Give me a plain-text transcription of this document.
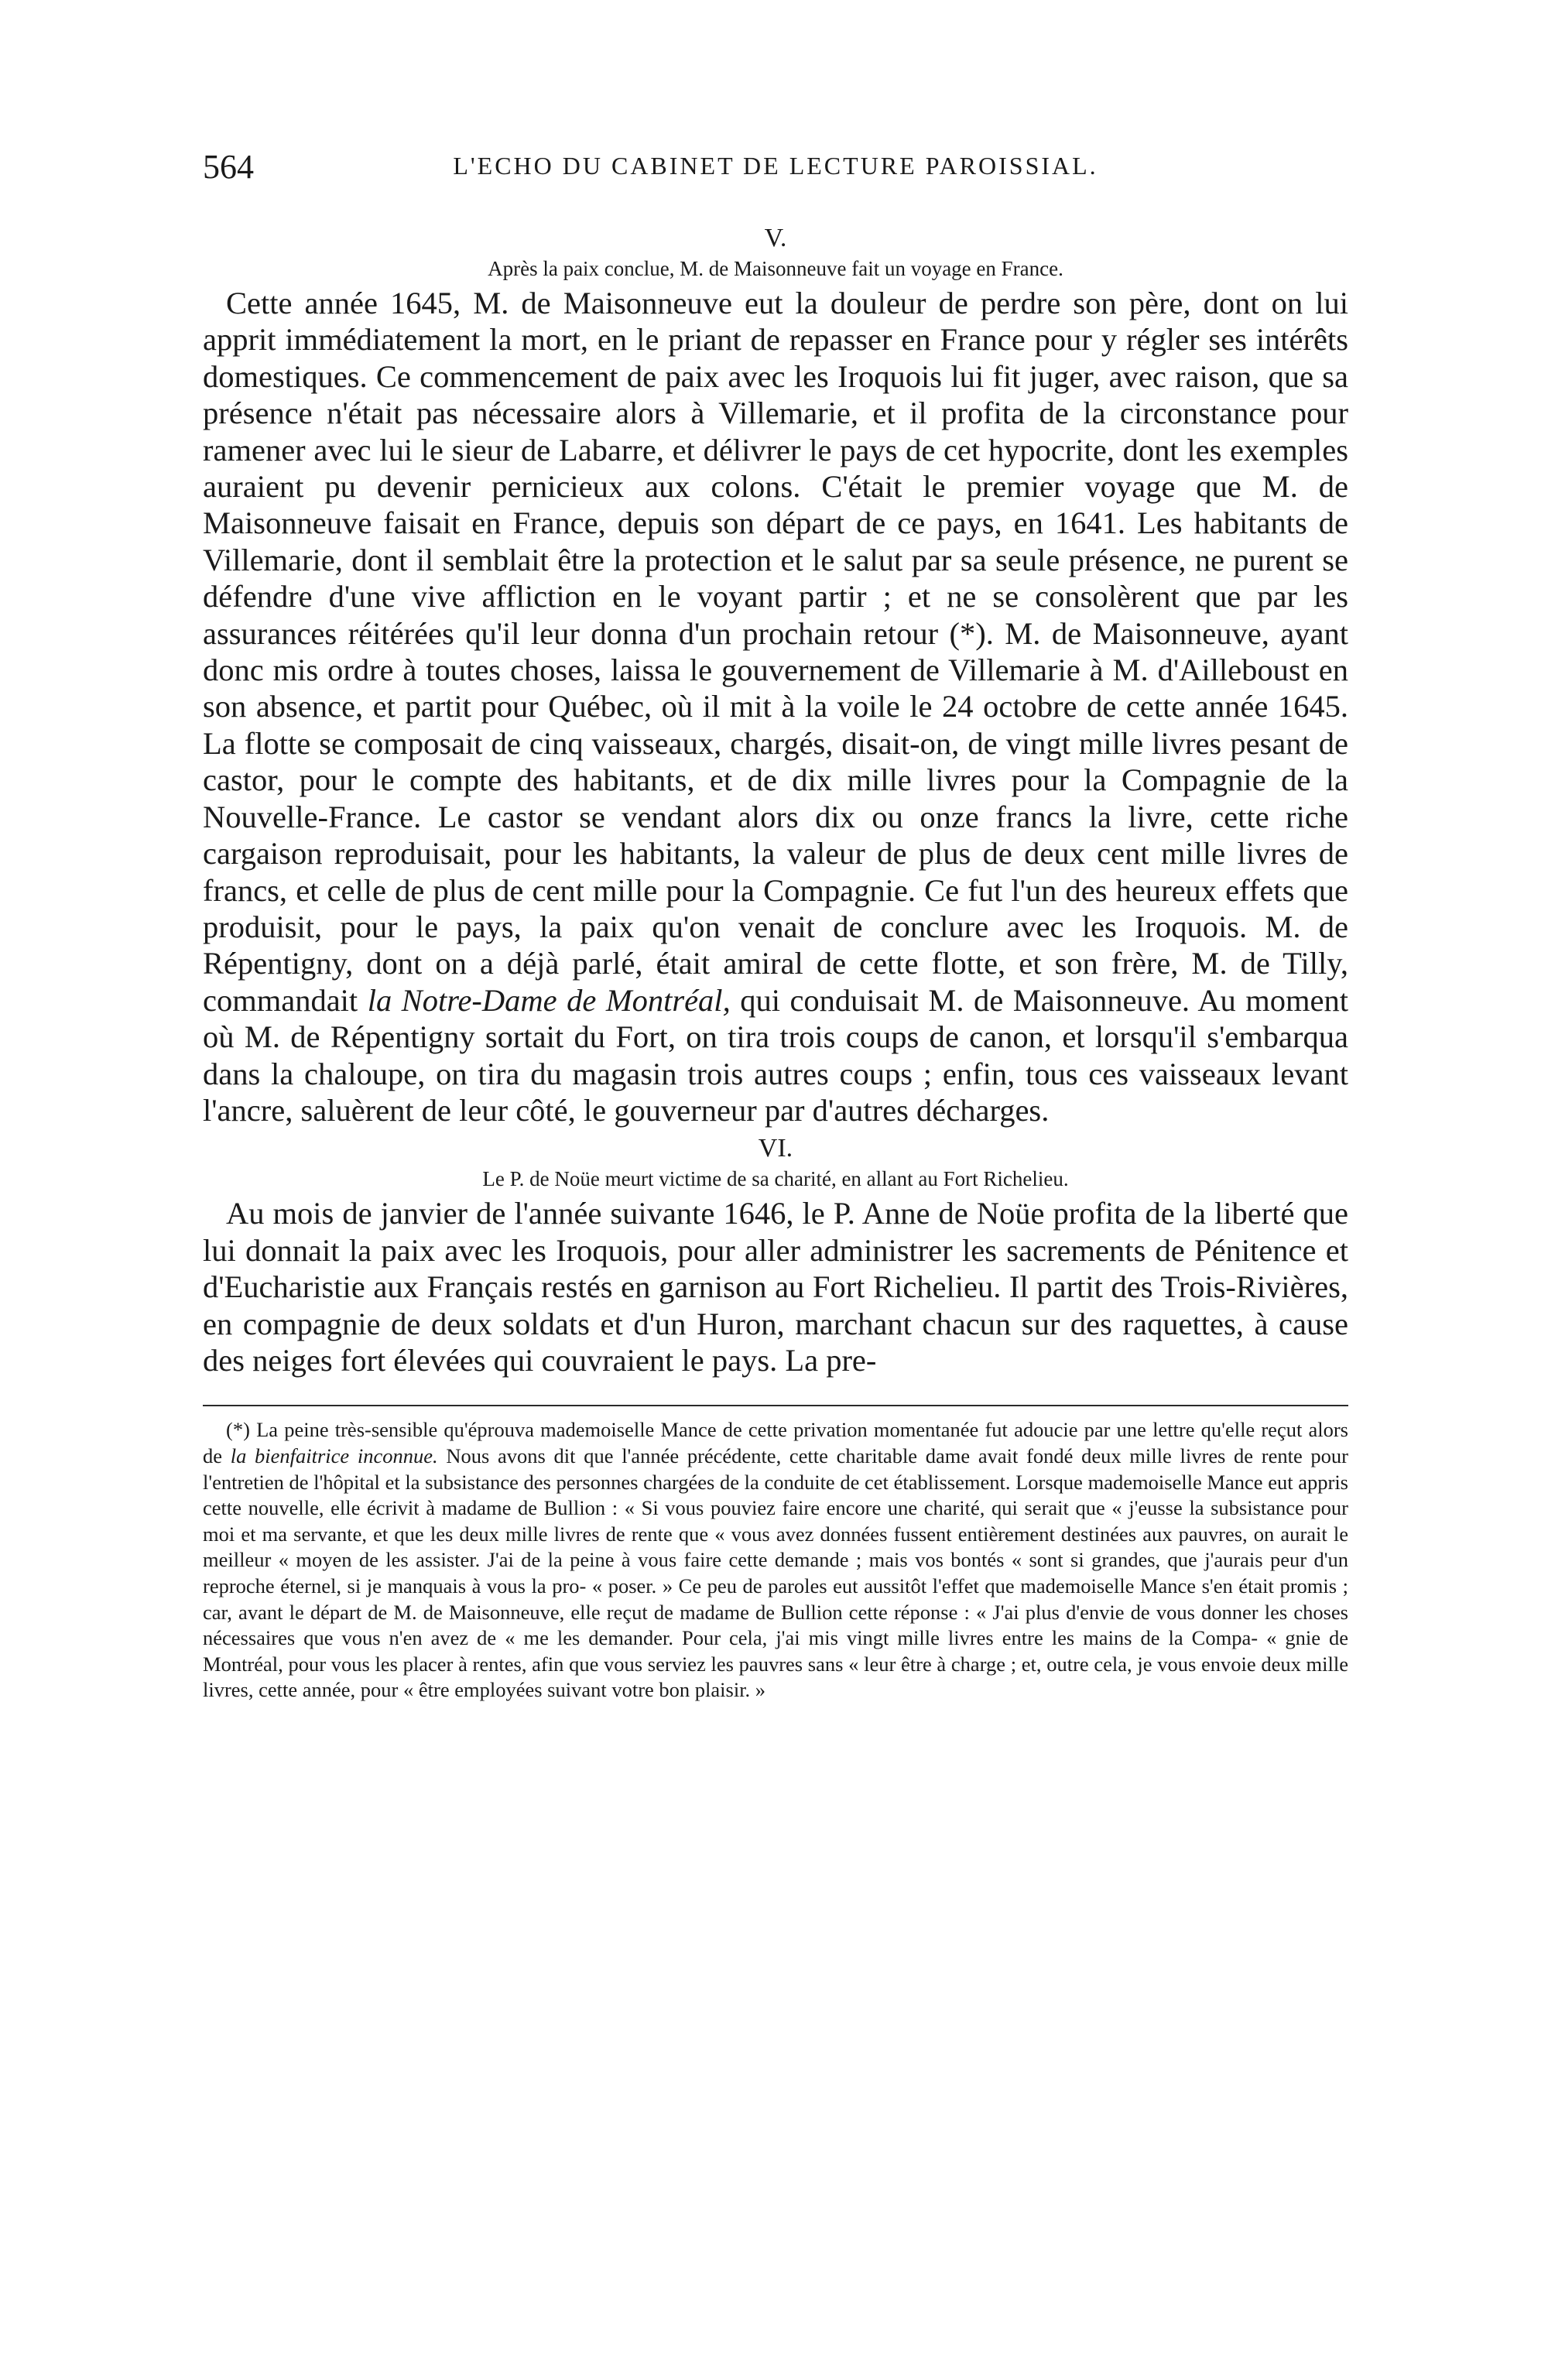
564	L'ECHO DU CABINET DE LECTURE PAROISSIAL.
V.
Après la paix conclue, M. de Maisonneuve fait un voyage en France.

Cette année 1645, M. de Maisonneuve eut la douleur de perdre son père, dont on lui apprit immédiatement la mort, en le priant de repasser en France pour y régler ses intérêts domestiques. Ce commencement de paix avec les Iroquois lui fit juger, avec raison, que sa présence n'était pas nécessaire alors à Villemarie, et il profita de la circonstance pour ramener avec lui le sieur de Labarre, et délivrer le pays de cet hypocrite, dont les exemples auraient pu devenir pernicieux aux colons. C'était le premier voyage que M. de Maisonneuve faisait en France, depuis son départ de ce pays, en 1641. Les habitants de Villemarie, dont il semblait être la protection et le salut par sa seule présence, ne purent se défendre d'une vive affliction en le voyant partir ; et ne se consolèrent que par les assurances réitérées qu'il leur donna d'un prochain retour (*). M. de Maisonneuve, ayant donc mis ordre à toutes choses, laissa le gouvernement de Villemarie à M. d'Ailleboust en son absence, et partit pour Québec, où il mit à la voile le 24 octobre de cette année 1645. La flotte se composait de cinq vaisseaux, chargés, disait-on, de vingt mille livres pesant de castor, pour le compte des habitants, et de dix mille livres pour la Compagnie de la Nouvelle-France. Le castor se vendant alors dix ou onze francs la livre, cette riche cargaison reproduisait, pour les habitants, la valeur de plus de deux cent mille livres de francs, et celle de plus de cent mille pour la Compagnie. Ce fut l'un des heureux effets que produisit, pour le pays, la paix qu'on venait de conclure avec les Iroquois. M. de Répentigny, dont on a déjà parlé, était amiral de cette flotte, et son frère, M. de Tilly, commandait la Notre-Dame de Montréal, qui conduisait M. de Maisonneuve. Au moment où M. de Répentigny sortait du Fort, on tira trois coups de canon, et lorsqu'il s'embarqua dans la chaloupe, on tira du magasin trois autres coups ; enfin, tous ces vaisseaux levant l'ancre, saluèrent de leur côté, le gouverneur par d'autres décharges.

VI.
Le P. de Noüe meurt victime de sa charité, en allant au Fort Richelieu.

Au mois de janvier de l'année suivante 1646, le P. Anne de Noüe profita de la liberté que lui donnait la paix avec les Iroquois, pour aller administrer les sacrements de Pénitence et d'Eucharistie aux Français restés en garnison au Fort Richelieu. Il partit des Trois-Rivières, en compagnie de deux soldats et d'un Huron, marchant chacun sur des raquettes, à cause des neiges fort élevées qui couvraient le pays. La pre-

(*) La peine très-sensible qu'éprouva mademoiselle Mance de cette privation momentanée fut adoucie par une lettre qu'elle reçut alors de la bienfaitrice inconnue. Nous avons dit que l'année précédente, cette charitable dame avait fondé deux mille livres de rente pour l'entretien de l'hôpital et la subsistance des personnes chargées de la conduite de cet établissement. Lorsque mademoiselle Mance eut appris cette nouvelle, elle écrivit à madame de Bullion : « Si vous pouviez faire encore une charité, qui serait que « j'eusse la subsistance pour moi et ma servante, et que les deux mille livres de rente que « vous avez données fussent entièrement destinées aux pauvres, on aurait le meilleur « moyen de les assister. J'ai de la peine à vous faire cette demande ; mais vos bontés « sont si grandes, que j'aurais peur d'un reproche éternel, si je manquais à vous la pro- « poser. » Ce peu de paroles eut aussitôt l'effet que mademoiselle Mance s'en était promis ; car, avant le départ de M. de Maisonneuve, elle reçut de madame de Bullion cette réponse : « J'ai plus d'envie de vous donner les choses nécessaires que vous n'en avez de « me les demander. Pour cela, j'ai mis vingt mille livres entre les mains de la Compa- « gnie de Montréal, pour vous les placer à rentes, afin que vous serviez les pauvres sans « leur être à charge ; et, outre cela, je vous envoie deux mille livres, cette année, pour « être employées suivant votre bon plaisir. »
